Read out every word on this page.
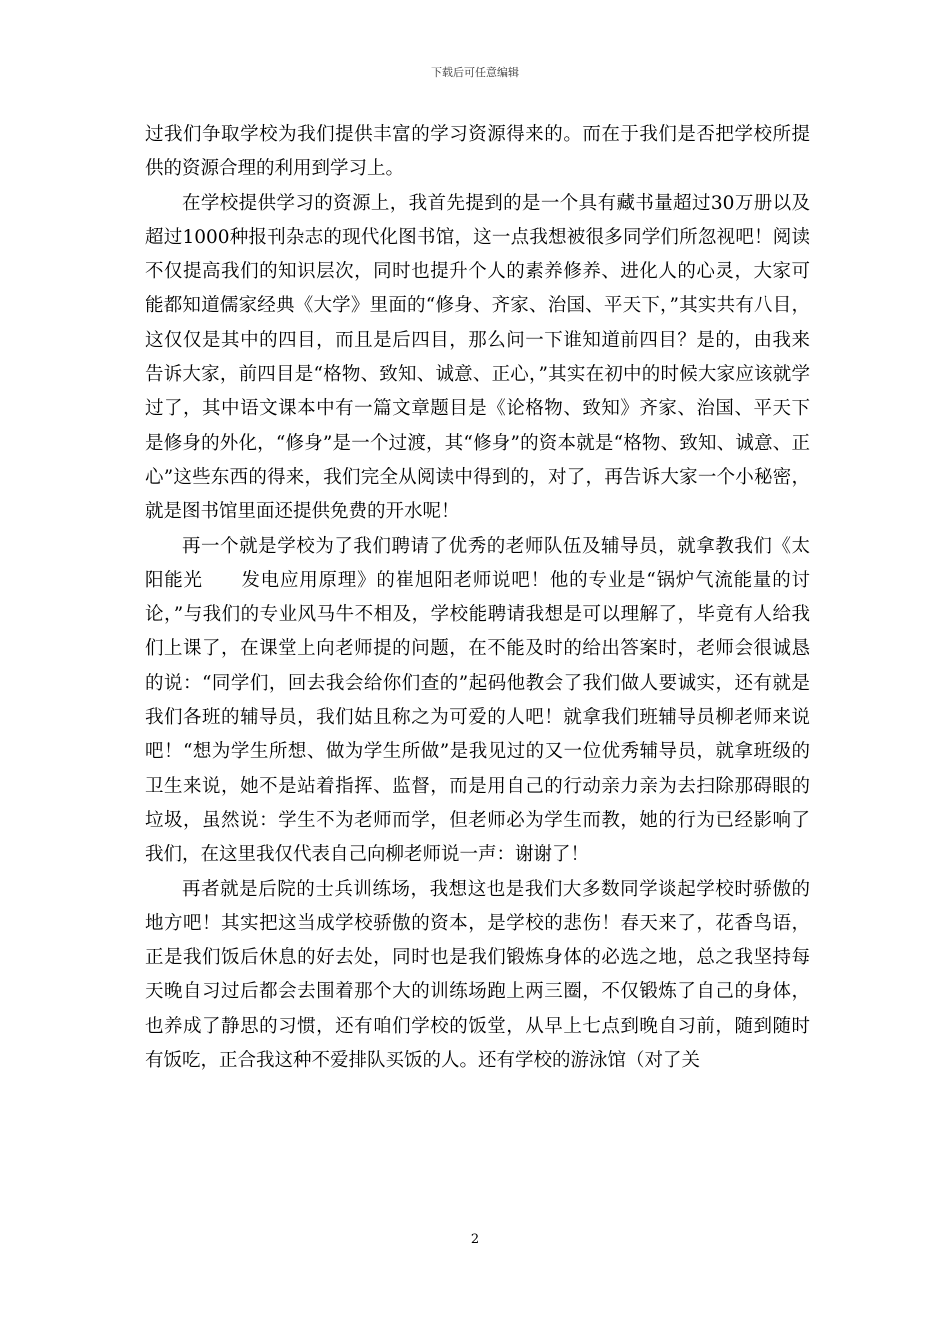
下载后可任意编辑

过我们争取学校为我们提供丰富的学习资源得来的。而在于我们是否把学校所提供的资源合理的利用到学习上。

在学校提供学习的资源上，我首先提到的是一个具有藏书量超过30万册以及超过1000种报刊杂志的现代化图书馆，这一点我想被很多同学们所忽视吧！阅读不仅提高我们的知识层次，同时也提升个人的素养修养、进化人的心灵，大家可能都知道儒家经典《大学》里面的“修身、齐家、治国、平天下，”其实共有八目，这仅仅是其中的四目，而且是后四目，那么问一下谁知道前四目？是的，由我来告诉大家，前四目是“格物、致知、诚意、正心，”其实在初中的时候大家应该就学过了，其中语文课本中有一篇文章题目是《论格物、致知》齐家、治国、平天下是修身的外化，“修身”是一个过渡，其“修身”的资本就是“格物、致知、诚意、正心”这些东西的得来，我们完全从阅读中得到的，对了，再告诉大家一个小秘密，就是图书馆里面还提供免费的开水呢！

再一个就是学校为了我们聘请了优秀的老师队伍及辅导员，就拿教我们《太阳能光　　发电应用原理》的崔旭阳老师说吧！他的专业是“锅炉气流能量的讨论，”与我们的专业风马牛不相及，学校能聘请我想是可以理解了，毕竟有人给我们上课了，在课堂上向老师提的问题，在不能及时的给出答案时，老师会很诚恳的说：“同学们，回去我会给你们查的”起码他教会了我们做人要诚实，还有就是我们各班的辅导员，我们姑且称之为可爱的人吧！就拿我们班辅导员柳老师来说吧！“想为学生所想、做为学生所做”是我见过的又一位优秀辅导员，就拿班级的卫生来说，她不是站着指挥、监督，而是用自己的行动亲力亲为去扫除那碍眼的垃圾，虽然说：学生不为老师而学，但老师必为学生而教，她的行为已经影响了我们，在这里我仅代表自己向柳老师说一声：谢谢了！

再者就是后院的士兵训练场，我想这也是我们大多数同学谈起学校时骄傲的地方吧！其实把这当成学校骄傲的资本，是学校的悲伤！春天来了，花香鸟语，正是我们饭后休息的好去处，同时也是我们锻炼身体的必选之地，总之我坚持每天晚自习过后都会去围着那个大的训练场跑上两三圈，不仅锻炼了自己的身体，也养成了静思的习惯，还有咱们学校的饭堂，从早上七点到晚自习前，随到随时有饭吃，正合我这种不爱排队买饭的人。还有学校的游泳馆（对了关

2
